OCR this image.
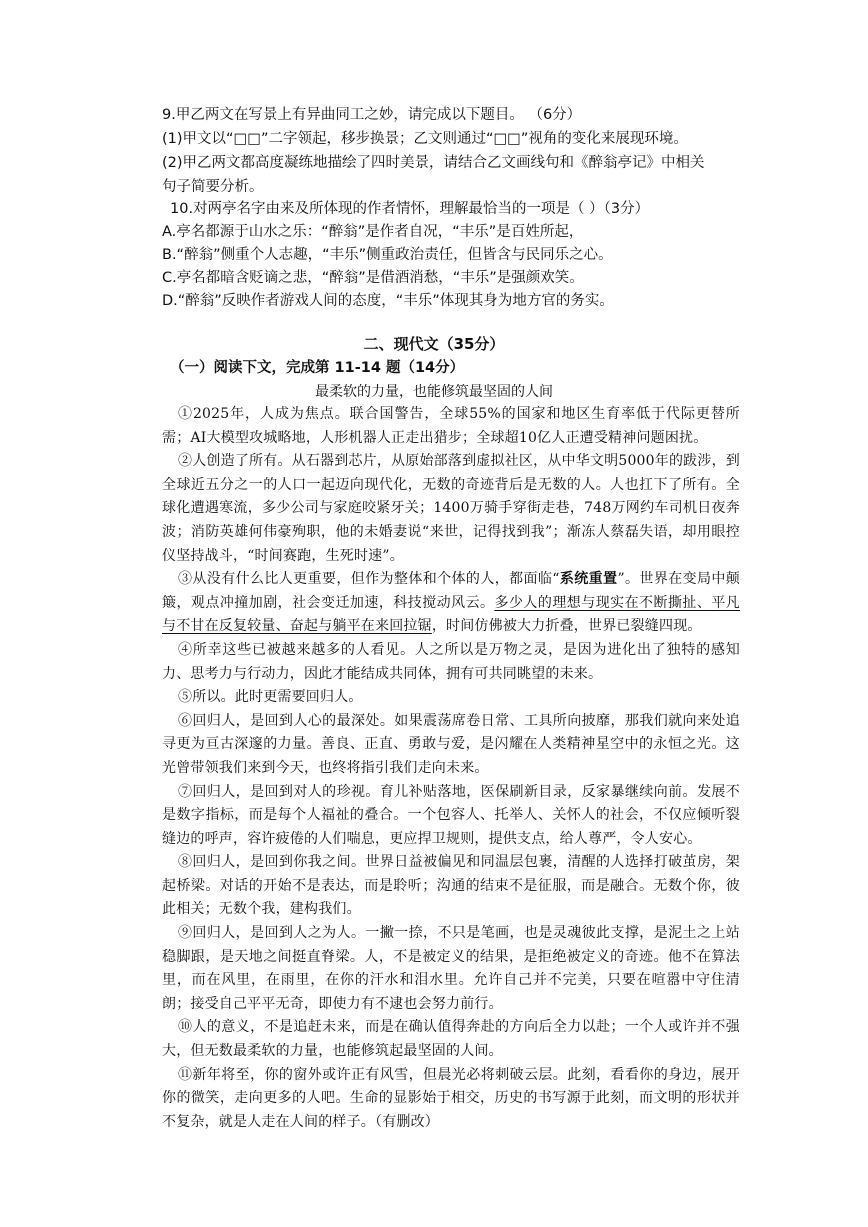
9.甲乙两文在写景上有异曲同工之妙，请完成以下题目。 （6分）

(1)甲文以“□□”二字领起，移步换景；乙文则通过“□□”视角的变化来展现环境。

(2)甲乙两文都高度凝练地描绘了四时美景，请结合乙文画线句和《醉翁亭记》中相关

句子简要分析。

10.对两亭名字由来及所体现的作者情怀，理解最恰当的一项是（ ）（3分）

A.亭名都源于山水之乐：“醉翁”是作者自况，“丰乐”是百姓所起，

B.“醉翁”侧重个人志趣，“丰乐”侧重政治责任，但皆含与民同乐之心。

C.亭名都暗含贬谪之悲，“醉翁”是借酒消愁，“丰乐”是强颜欢笑。

D.“醉翁”反映作者游戏人间的态度，“丰乐”体现其身为地方官的务实。

二、现代文（35分）

（一）阅读下文，完成第 11-14 题（14分）

最柔软的力量，也能修筑最坚固的人间

①2025年，人成为焦点。联合国警告，全球55%的国家和地区生育率低于代际更替所需；AI大模型攻城略地，人形机器人正走出猎步；全球超10亿人正遭受精神问题困扰。

②人创造了所有。从石器到芯片，从原始部落到虚拟社区，从中华文明5000年的跋涉，到全球近五分之一的人口一起迈向现代化，无数的奇迹背后是无数的人。人也扛下了所有。全球化遭遇寒流，多少公司与家庭咬紧牙关；1400万骑手穿街走巷，748万网约车司机日夜奔波；消防英雄何伟豪殉职，他的未婚妻说“来世，记得找到我”；渐冻人蔡磊失语，却用眼控仪坚持战斗，“时间赛跑，生死时速”。

③从没有什么比人更重要，但作为整体和个体的人，都面临“系统重置”。世界在变局中颠簸，观点冲撞加剧，社会变迁加速，科技搅动风云。多少人的理想与现实在不断撕扯、平凡与不甘在反复较量、奋起与躺平在来回拉锯，时间仿佛被大力折叠，世界已裂缝四现。

④所幸这些已被越来越多的人看见。人之所以是万物之灵，是因为进化出了独特的感知力、思考力与行动力，因此才能结成共同体，拥有可共同眺望的未来。

⑤所以。此时更需要回归人。

⑥回归人，是回到人心的最深处。如果震荡席卷日常、工具所向披靡，那我们就向来处追寻更为亘古深邃的力量。善良、正直、勇敢与爱，是闪耀在人类精神星空中的永恒之光。这光曾带领我们来到今天，也终将指引我们走向未来。

⑦回归人，是回到对人的珍视。育儿补贴落地，医保刷新目录，反家暴继续向前。发展不是数字指标，而是每个人福祉的叠合。一个包容人、托举人、关怀人的社会，不仅应倾听裂缝边的呼声，容许疲倦的人们喘息，更应捍卫规则，提供支点，给人尊严，令人安心。

⑧回归人，是回到你我之间。世界日益被偏见和同温层包裹，清醒的人选择打破茧房，架起桥梁。对话的开始不是表达，而是聆听；沟通的结束不是征服，而是融合。无数个你，彼此相关；无数个我，建构我们。

⑨回归人，是回到人之为人。一撇一捺，不只是笔画，也是灵魂彼此支撑，是泥土之上站稳脚跟，是天地之间挺直脊梁。人，不是被定义的结果，是拒绝被定义的奇迹。他不在算法里，而在风里，在雨里，在你的汗水和泪水里。允许自己并不完美，只要在喧嚣中守住清朗；接受自己平平无奇，即使力有不逮也会努力前行。

⑩人的意义，不是追赶未来，而是在确认值得奔赴的方向后全力以赴；一个人或许并不强大，但无数最柔软的力量，也能修筑起最坚固的人间。

⑪新年将至，你的窗外或许正有风雪，但晨光必将刺破云层。此刻，看看你的身边，展开你的微笑，走向更多的人吧。生命的显影始于相交，历史的书写源于此刻，而文明的形状并不复杂，就是人走在人间的样子。（有删改）
